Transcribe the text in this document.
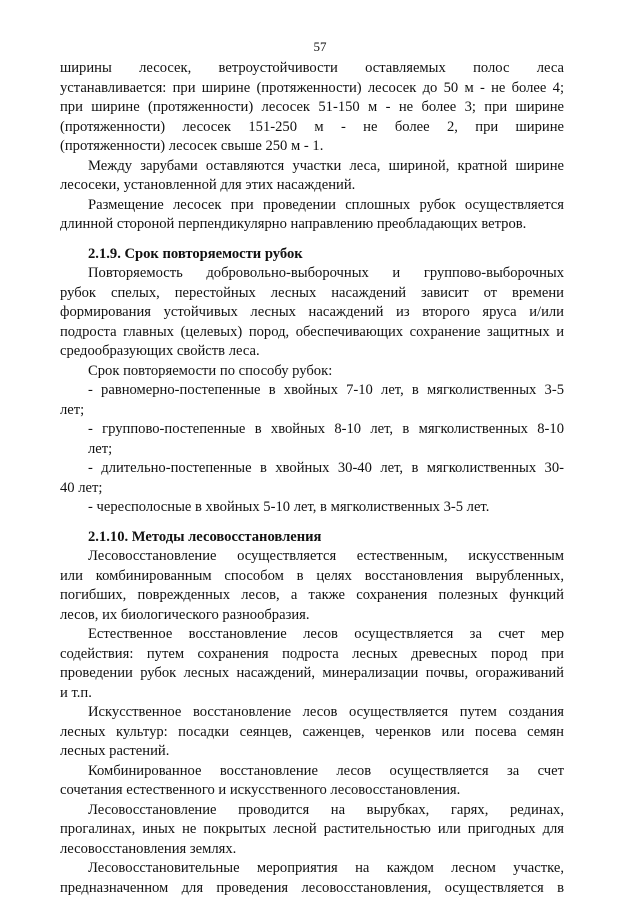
57
ширины лесосек, ветроустойчивости оставляемых полос леса
устанавливается: при ширине (протяженности) лесосек до 50 м - не более 4;
при ширине (протяженности) лесосек 51-150 м - не более 3; при ширине
(протяженности) лесосек 151-250 м - не более 2, при ширине
(протяженности) лесосек свыше 250 м - 1.
Между зарубами оставляются участки леса, шириной, кратной ширине
лесосеки, установленной для этих насаждений.
Размещение лесосек при проведении сплошных рубок осуществляется
длинной стороной перпендикулярно направлению преобладающих ветров.
2.1.9. Срок повторяемости рубок
Повторяемость добровольно-выборочных и группово-выборочных
рубок спелых, перестойных лесных насаждений зависит от времени
формирования устойчивых лесных насаждений из второго яруса и/или
подроста главных (целевых) пород, обеспечивающих сохранение защитных и
средообразующих свойств леса.
Срок повторяемости по способу рубок:
- равномерно-постепенные в хвойных 7-10 лет, в мягколиственных 3-5
лет;
- группово-постепенные в хвойных 8-10 лет, в мягколиственных 8-10
лет;
- длительно-постепенные в хвойных 30-40 лет, в мягколиственных 30-
40 лет;
- чересполосные в хвойных 5-10 лет, в мягколиственных 3-5 лет.
2.1.10. Методы лесовосстановления
Лесовосстановление осуществляется естественным, искусственным
или комбинированным способом в целях восстановления вырубленных,
погибших, поврежденных лесов, а также сохранения полезных функций
лесов, их биологического разнообразия.
Естественное восстановление лесов осуществляется за счет мер
содействия: путем сохранения подроста лесных древесных пород при
проведении рубок лесных насаждений, минерализации почвы, огораживаний
и т.п.
Искусственное восстановление лесов осуществляется путем создания
лесных культур: посадки сеянцев, саженцев, черенков или посева семян
лесных растений.
Комбинированное восстановление лесов осуществляется за счет
сочетания естественного и искусственного лесовосстановления.
Лесовосстановление проводится на вырубках, гарях, рединах,
прогалинах, иных не покрытых лесной растительностью или пригодных для
лесовосстановления землях.
Лесовосстановительные мероприятия на каждом лесном участке,
предназначенном для проведения лесовосстановления, осуществляется в
